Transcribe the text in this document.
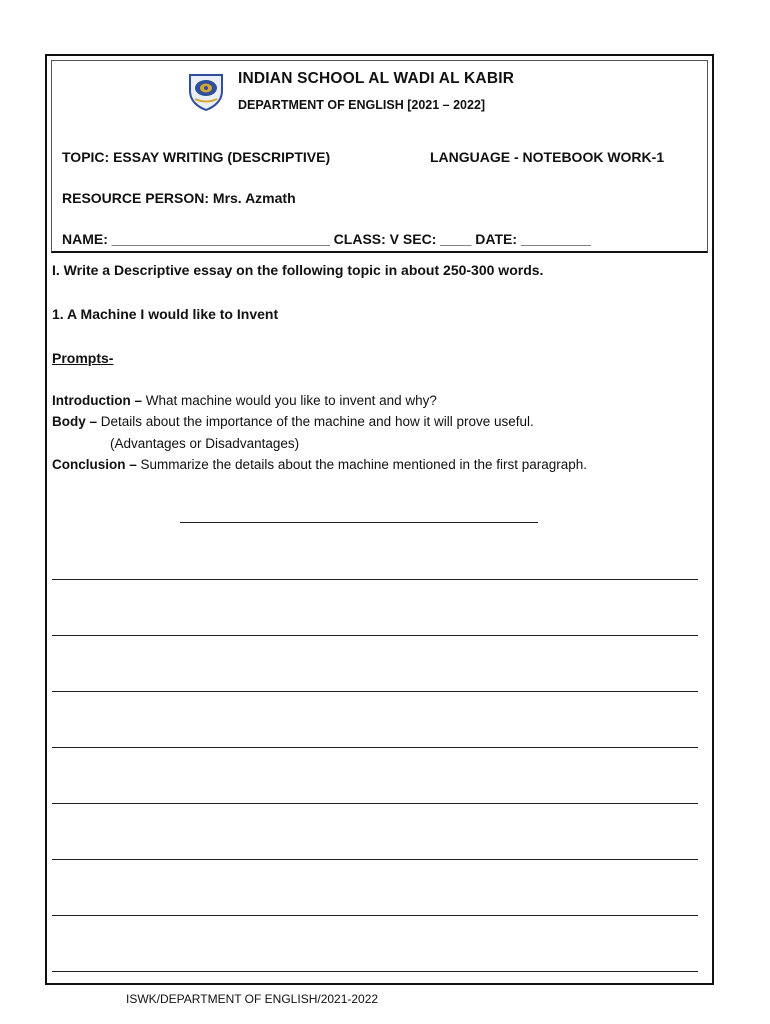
INDIAN SCHOOL AL WADI AL KABIR
DEPARTMENT OF ENGLISH [2021 – 2022]
TOPIC: ESSAY WRITING (DESCRIPTIVE)	LANGUAGE - NOTEBOOK WORK-1
RESOURCE PERSON: Mrs. Azmath
NAME: ____________________________ CLASS: V SEC: ____ DATE: _________
I. Write a Descriptive essay on the following topic in about 250-300 words.
1. A Machine I would like to Invent
Prompts-
Introduction – What machine would you like to invent and why?
Body – Details about the importance of the machine and how it will prove useful.
(Advantages or Disadvantages)
Conclusion – Summarize the details about the machine mentioned in the first paragraph.
ISWK/DEPARTMENT OF ENGLISH/2021-2022
